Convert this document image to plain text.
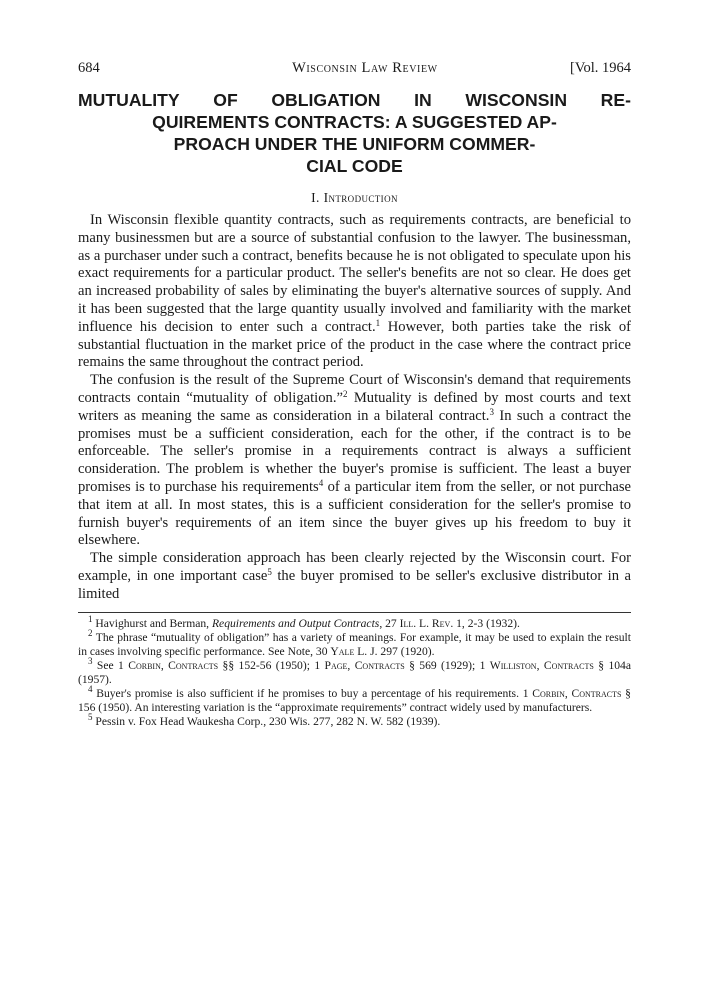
684	Wisconsin Law Review	[Vol. 1964
MUTUALITY OF OBLIGATION IN WISCONSIN RE-
QUIREMENTS CONTRACTS: A SUGGESTED AP-
PROACH UNDER THE UNIFORM COMMER-
CIAL CODE
I. Introduction

In Wisconsin flexible quantity contracts, such as requirements contracts, are beneficial to many businessmen but are a source of substantial confusion to the lawyer. The businessman, as a purchaser under such a contract, benefits because he is not obligated to speculate upon his exact requirements for a particular product. The seller's benefits are not so clear. He does get an increased probability of sales by eliminating the buyer's alternative sources of supply. And it has been suggested that the large quantity usually involved and familiarity with the market influence his decision to enter such a contract.$^1$ However, both parties take the risk of substantial fluctuation in the market price of the product in the case where the contract price remains the same throughout the contract period.

The confusion is the result of the Supreme Court of Wisconsin's demand that requirements contracts contain “mutuality of obligation.”$^2$ Mutuality is defined by most courts and text writers as meaning the same as consideration in a bilateral contract.$^3$ In such a contract the promises must be a sufficient consideration, each for the other, if the contract is to be enforceable. The seller's promise in a requirements contract is always a sufficient consideration. The problem is whether the buyer's promise is sufficient. The least a buyer promises is to purchase his requirements$^4$ of a particular item from the seller, or not purchase that item at all. In most states, this is a sufficient consideration for the seller's promise to furnish buyer's requirements of an item since the buyer gives up his freedom to buy it elsewhere.

The simple consideration approach has been clearly rejected by the Wisconsin court. For example, in one important case$^5$ the buyer promised to be seller's exclusive distributor in a limited

$^1$ Havighurst and Berman, Requirements and Output Contracts, 27 Ill. L. Rev. 1, 2-3 (1932).

$^2$ The phrase “mutuality of obligation” has a variety of meanings. For example, it may be used to explain the result in cases involving specific performance. See Note, 30 Yale L. J. 297 (1920).

$^3$ See 1 Corbin, Contracts §§ 152-56 (1950); 1 Page, Contracts § 569 (1929); 1 Williston, Contracts § 104a (1957).

$^4$ Buyer's promise is also sufficient if he promises to buy a percentage of his requirements. 1 Corbin, Contracts § 156 (1950). An interesting variation is the “approximate requirements” contract widely used by manufacturers.

$^5$ Pessin v. Fox Head Waukesha Corp., 230 Wis. 277, 282 N. W. 582 (1939).
